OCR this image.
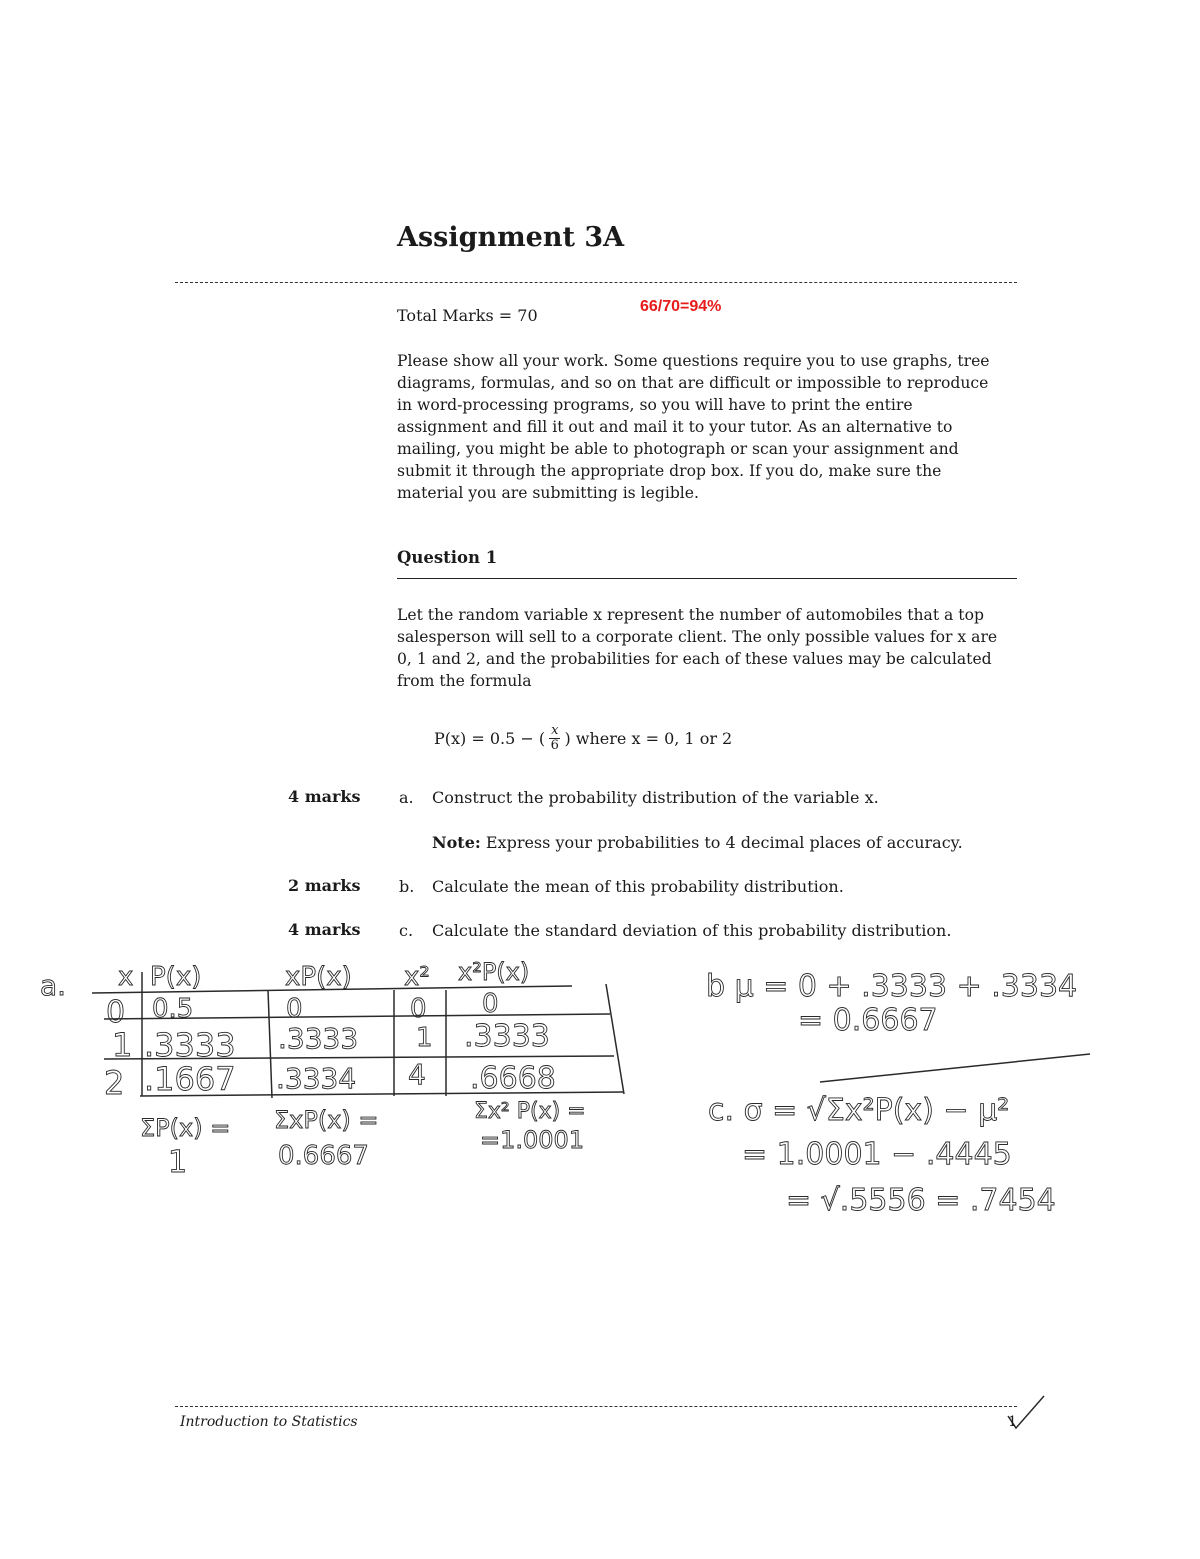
Assignment 3A
Total Marks = 70	66/70=94%
Please show all your work. Some questions require you to use graphs, tree
diagrams, formulas, and so on that are difficult or impossible to reproduce
in word-processing programs, so you will have to print the entire
assignment and fill it out and mail it to your tutor. As an alternative to
mailing, you might be able to photograph or scan your assignment and
submit it through the appropriate drop box. If you do, make sure the
material you are submitting is legible.
Question 1
Let the random variable x represent the number of automobiles that a top
salesperson will sell to a corporate client. The only possible values for x are
0, 1 and 2, and the probabilities for each of these values may be calculated
from the formula
P(x) = 0.5 − ( $\frac{x}{6}$ ) where x = 0, 1 or 2
4 marks a. Construct the probability distribution of the variable x.
Note: Express your probabilities to 4 decimal places of accuracy.
2 marks b. Calculate the mean of this probability distribution.
4 marks c. Calculate the standard deviation of this probability distribution.
a. x P(x)	xP(x) x² x²P(x)
0 0.5	0	0 0
1 .3333 .3333 1 .3333
2 .1667 .3334 4 .6668
ΣP(x) =
1
ΣxP(x) =
0.6667
Σx² P(x) =
=1.0001
b μ = 0 + .3333 + .3334
= 0.6667
c. σ = √Σx²P(x) − μ²
= 1.0001 − .4445
= √.5556 = .7454
Introduction to Statistics	1
